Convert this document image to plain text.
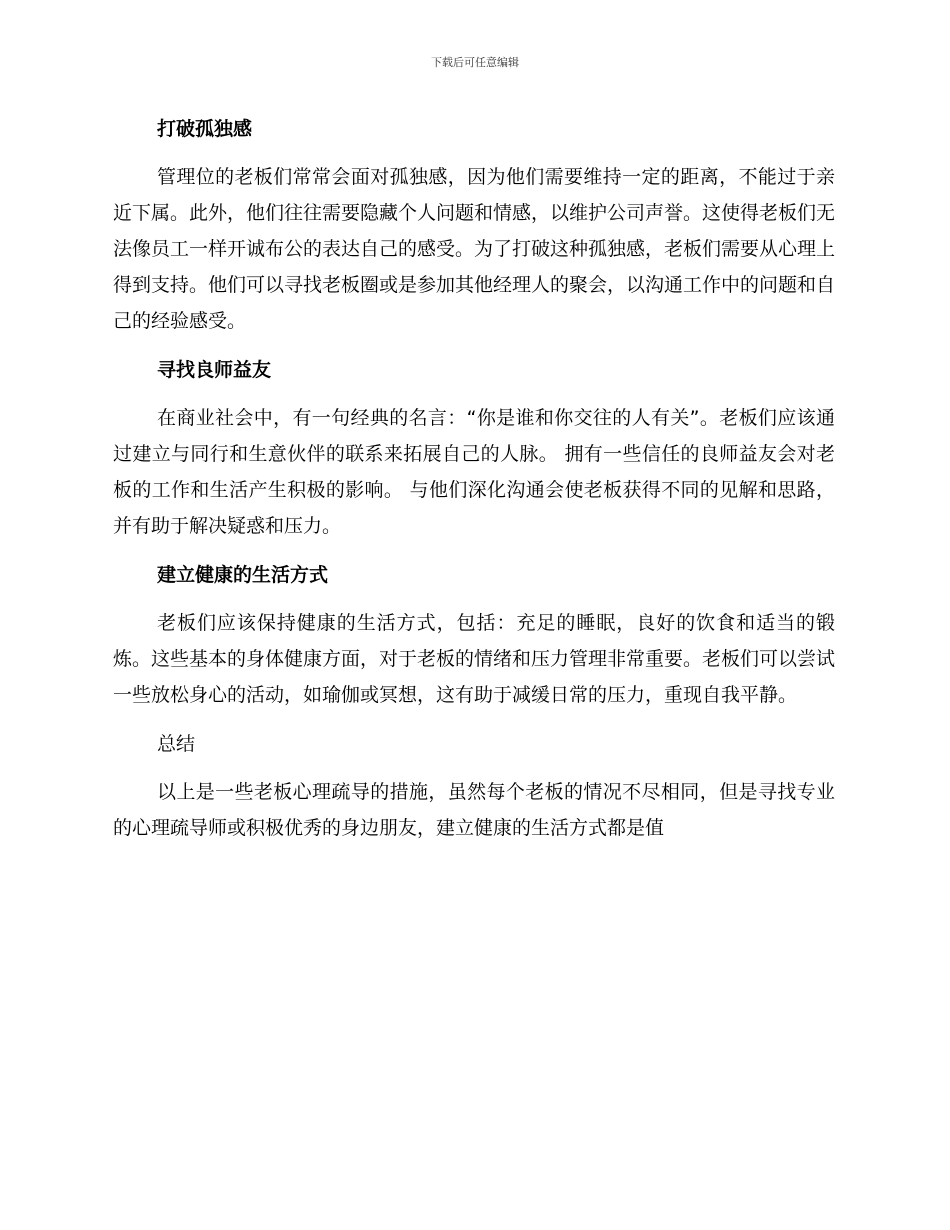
下载后可任意编辑
打破孤独感

管理位的老板们常常会面对孤独感，因为他们需要维持一定的距离，不能过于亲近下属。此外，他们往往需要隐藏个人问题和情感，以维护公司声誉。这使得老板们无法像员工一样开诚布公的表达自己的感受。为了打破这种孤独感，老板们需要从心理上得到支持。他们可以寻找老板圈或是参加其他经理人的聚会，以沟通工作中的问题和自己的经验感受。

寻找良师益友

在商业社会中，有一句经典的名言：“你是谁和你交往的人有关”。老板们应该通过建立与同行和生意伙伴的联系来拓展自己的人脉。 拥有一些信任的良师益友会对老板的工作和生活产生积极的影响。 与他们深化沟通会使老板获得不同的见解和思路，并有助于解决疑惑和压力。

建立健康的生活方式

老板们应该保持健康的生活方式，包括：充足的睡眠，良好的饮食和适当的锻炼。这些基本的身体健康方面，对于老板的情绪和压力管理非常重要。老板们可以尝试一些放松身心的活动，如瑜伽或冥想，这有助于减缓日常的压力，重现自我平静。

总结

以上是一些老板心理疏导的措施，虽然每个老板的情况不尽相同，但是寻找专业的心理疏导师或积极优秀的身边朋友，建立健康的生活方式都是值
